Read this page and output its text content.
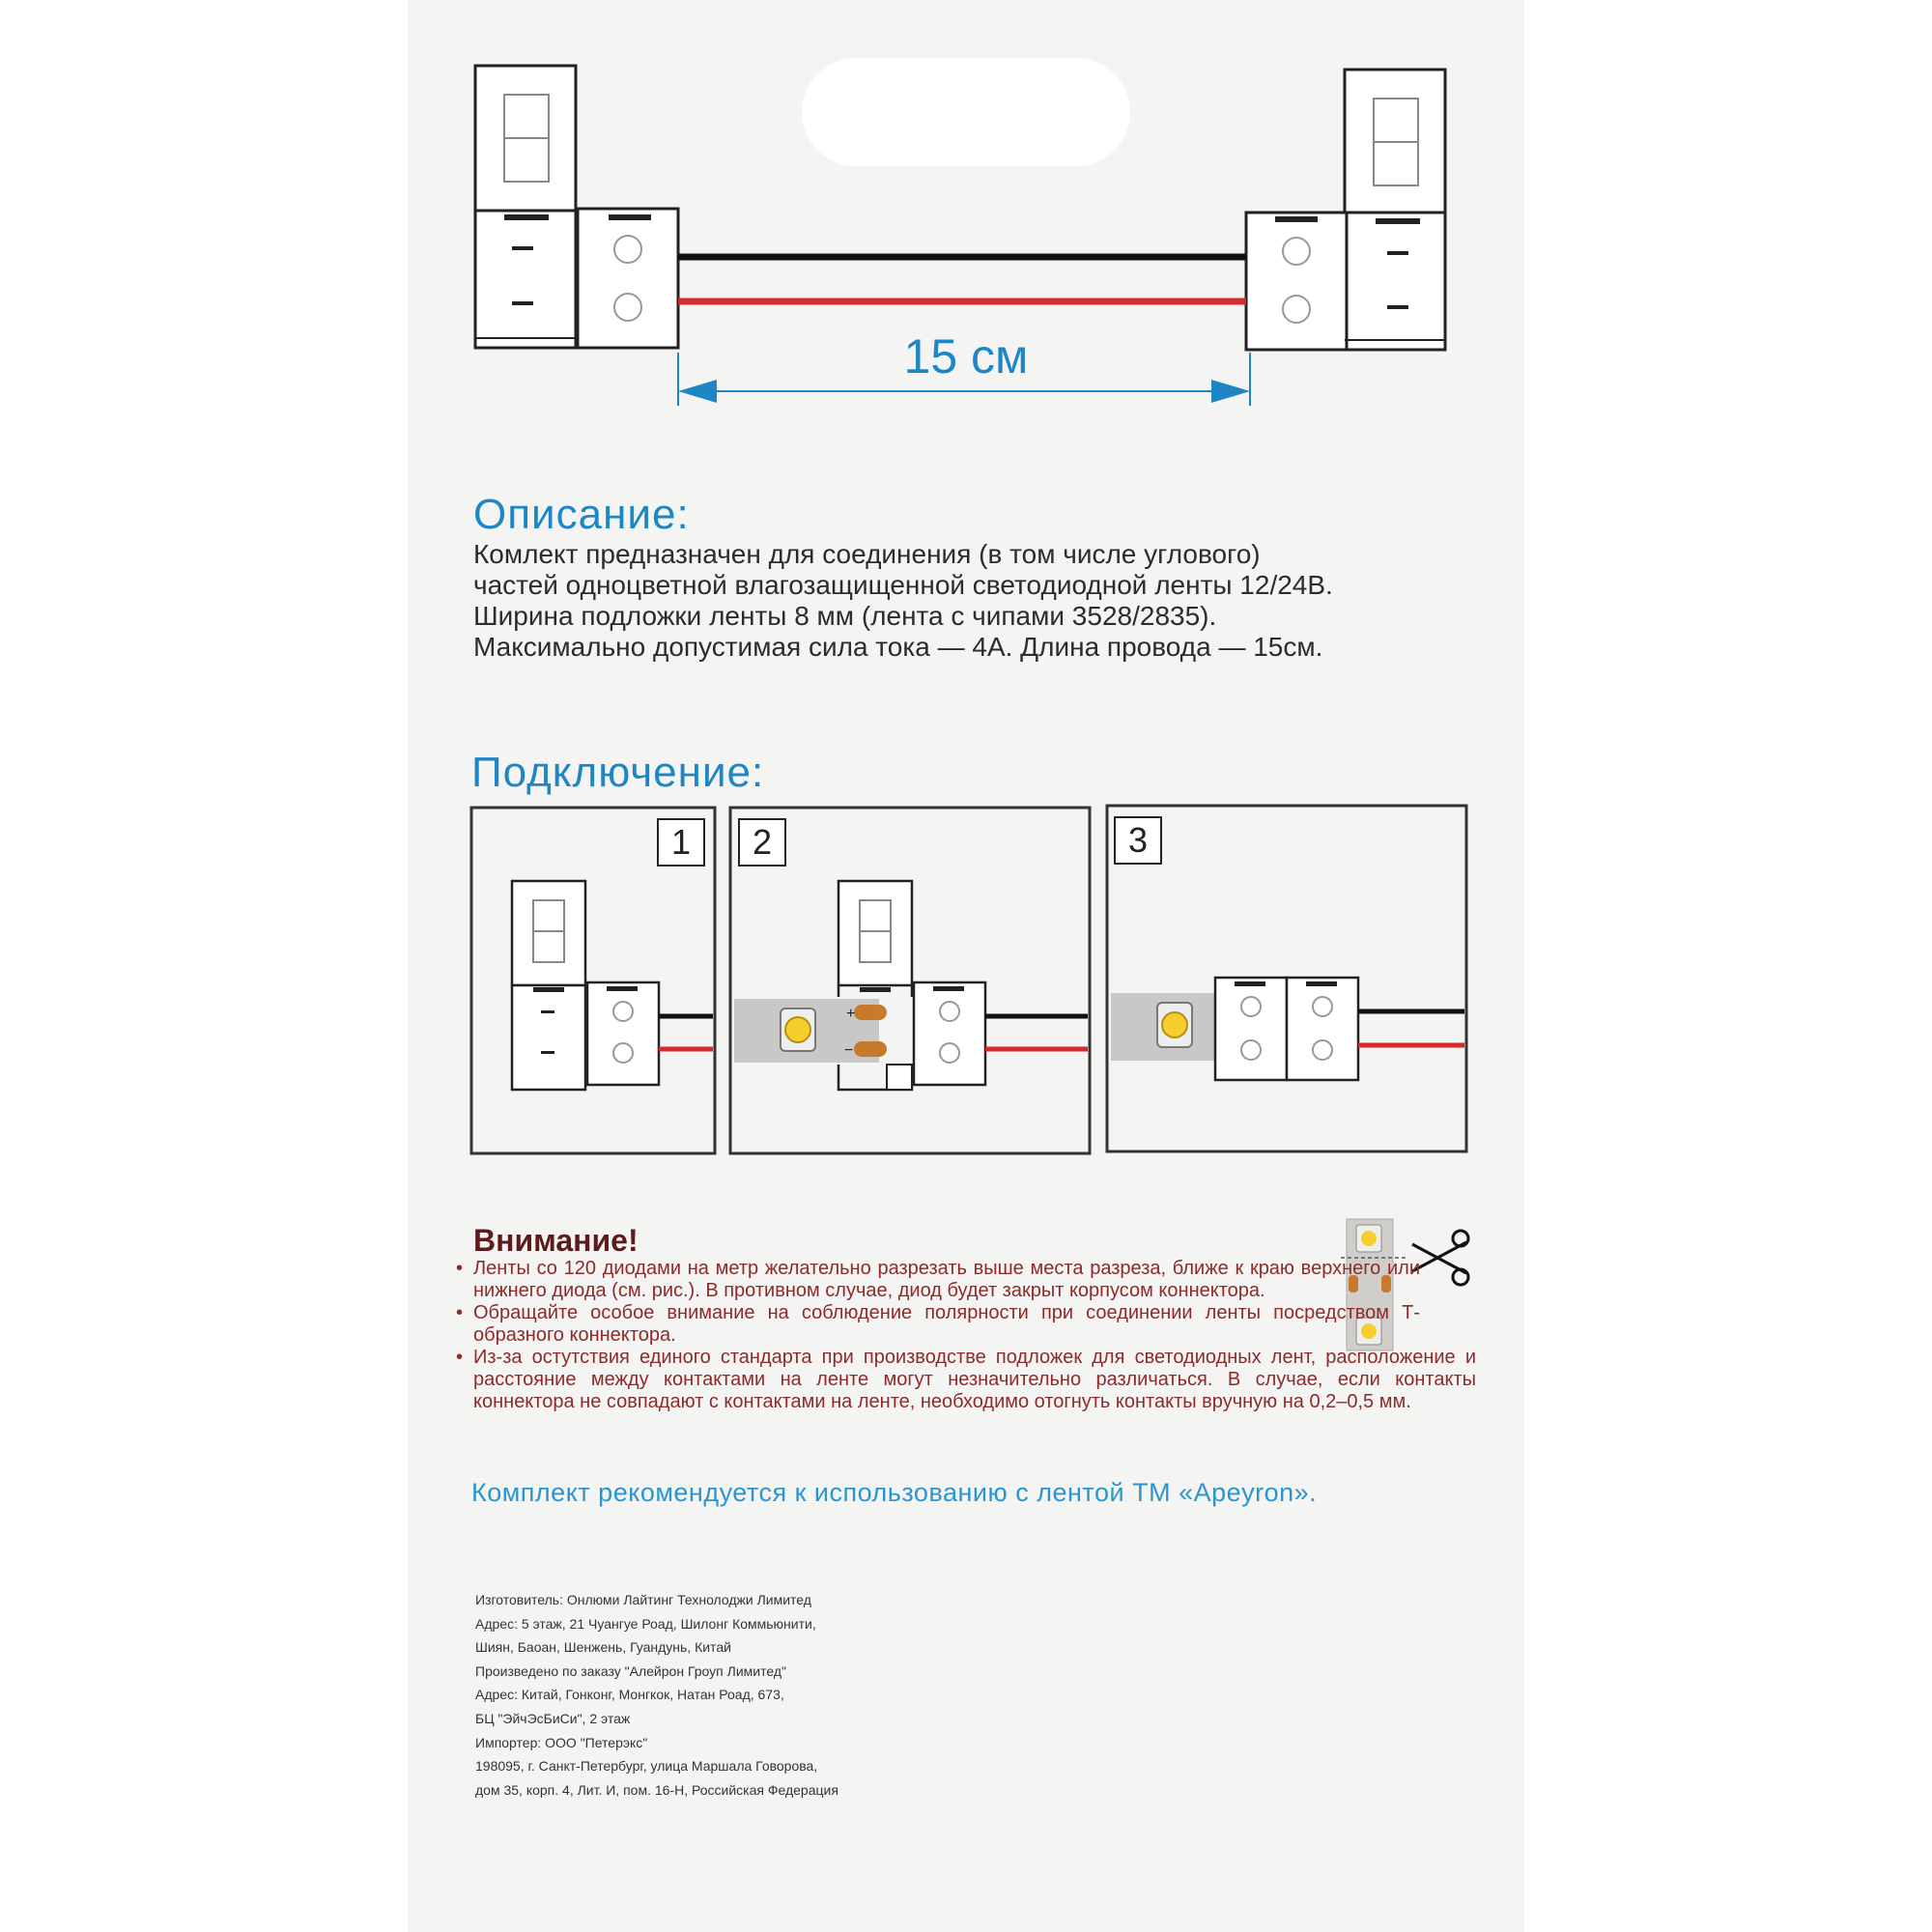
15 см
Описание:
Комлект предназначен для соединения (в том числе углового)
частей одноцветной влагозащищенной светодиодной ленты 12/24В.
Ширина подложки ленты 8 мм (лента с чипами 3528/2835).
Максимально допустимая сила тока — 4А. Длина провода — 15см.
Подключение:
+
−
1	2	3
Внимание!
• Ленты со 120 диодами на метр желательно разрезать выше места разреза, ближе к краю верхнего или нижнего диода (см. рис.). В противном случае, диод будет закрыт корпусом коннектора.
• Обращайте особое внимание на соблюдение полярности при соединении ленты посредством Т-образного коннектора.
• Из-за остутствия единого стандарта при производстве подложек для светодиодных лент, расположение и расстояние между контактами на ленте могут незначительно различаться. В случае, если контакты коннектора не совпадают с контактами на ленте, необходимо отогнуть контакты вручную на 0,2–0,5 мм.
Комплект рекомендуется к использованию с лентой ТМ «Apeyron».
Изготовитель: Онлюми Лайтинг Технолоджи Лимитед
Адрес: 5 этаж, 21 Чуангуе Роад, Шилонг Коммьюнити,
Шиян, Баоан, Шенжень, Гуандунь, Китай
Произведено по заказу "Алейрон Гроуп Лимитед"
Адрес: Китай, Гонконг, Монгкок, Натан Роад, 673,
БЦ "ЭйчЭсБиСи", 2 этаж
Импортер: ООО "Петерэкс"
198095, г. Санкт-Петербург, улица Маршала Говорова,
дом 35, корп. 4, Лит. И, пом. 16-Н, Российская Федерация
